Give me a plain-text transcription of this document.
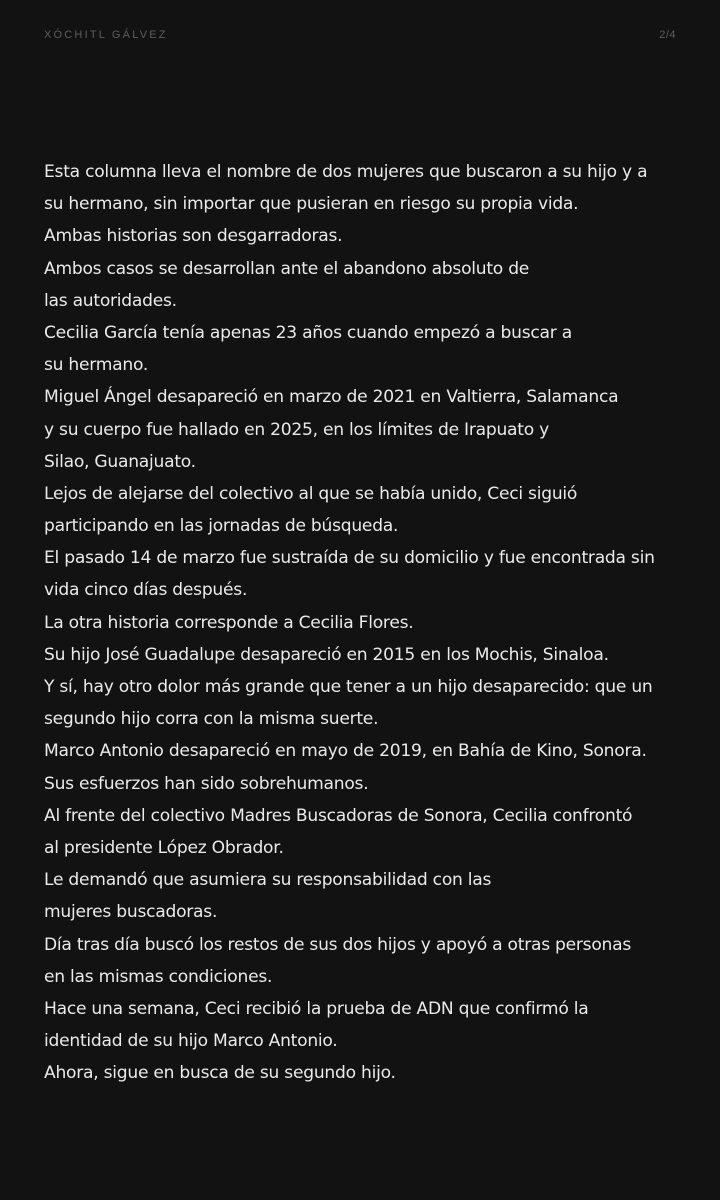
XÓCHITL GÁLVEZ	2/4
Esta columna lleva el nombre de dos mujeres que buscaron a su hijo y a
su hermano, sin importar que pusieran en riesgo su propia vida.
Ambas historias son desgarradoras.
Ambos casos se desarrollan ante el abandono absoluto de
las autoridades.
Cecilia García tenía apenas 23 años cuando empezó a buscar a
su hermano.
Miguel Ángel desapareció en marzo de 2021 en Valtierra, Salamanca
y su cuerpo fue hallado en 2025, en los límites de Irapuato y
Silao, Guanajuato.
Lejos de alejarse del colectivo al que se había unido, Ceci siguió
participando en las jornadas de búsqueda.
El pasado 14 de marzo fue sustraída de su domicilio y fue encontrada sin
vida cinco días después.
La otra historia corresponde a Cecilia Flores.
Su hijo José Guadalupe desapareció en 2015 en los Mochis, Sinaloa.
Y sí, hay otro dolor más grande que tener a un hijo desaparecido: que un
segundo hijo corra con la misma suerte.
Marco Antonio desapareció en mayo de 2019, en Bahía de Kino, Sonora.
Sus esfuerzos han sido sobrehumanos.
Al frente del colectivo Madres Buscadoras de Sonora, Cecilia confrontó
al presidente López Obrador.
Le demandó que asumiera su responsabilidad con las
mujeres buscadoras.
Día tras día buscó los restos de sus dos hijos y apoyó a otras personas
en las mismas condiciones.
Hace una semana, Ceci recibió la prueba de ADN que confirmó la
identidad de su hijo Marco Antonio.
Ahora, sigue en busca de su segundo hijo.
